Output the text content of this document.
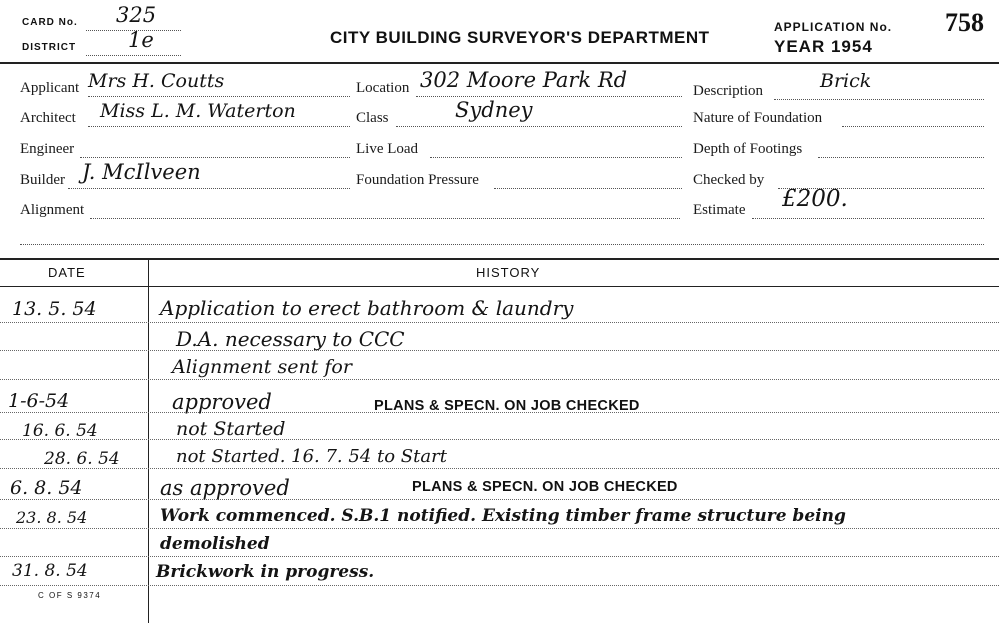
CARD No. 325
DISTRICT 1e	CITY BUILDING SURVEYOR'S DEPARTMENT
APPLICATION No. 758
YEAR 1954
Applicant Mrs H. Coutts
Architect Miss L. M. Waterton
Engineer
Builder J. McIlveen
Alignment
Location 302 Moore Park Rd
Class	Sydney
Live Load
Foundation Pressure
Description	Brick
Nature of Foundation
Depth of Footings
Checked by
Estimate £200.
DATE	HISTORY
13. 5. 54	Application to erect bathroom & laundry
D.A. necessary to CCC
Alignment sent for
1-6-54	approved	PLANS & SPECN. ON JOB CHECKED
16. 6. 54	not Started
28. 6. 54	not Started. 16. 7. 54 to Start
6. 8. 54	as approved	PLANS & SPECN. ON JOB CHECKED
23. 8. 54	Work commenced. S.B.1 notified. Existing timber frame structure being
demolished
31. 8. 54	Brickwork in progress.
C OF S 9374
